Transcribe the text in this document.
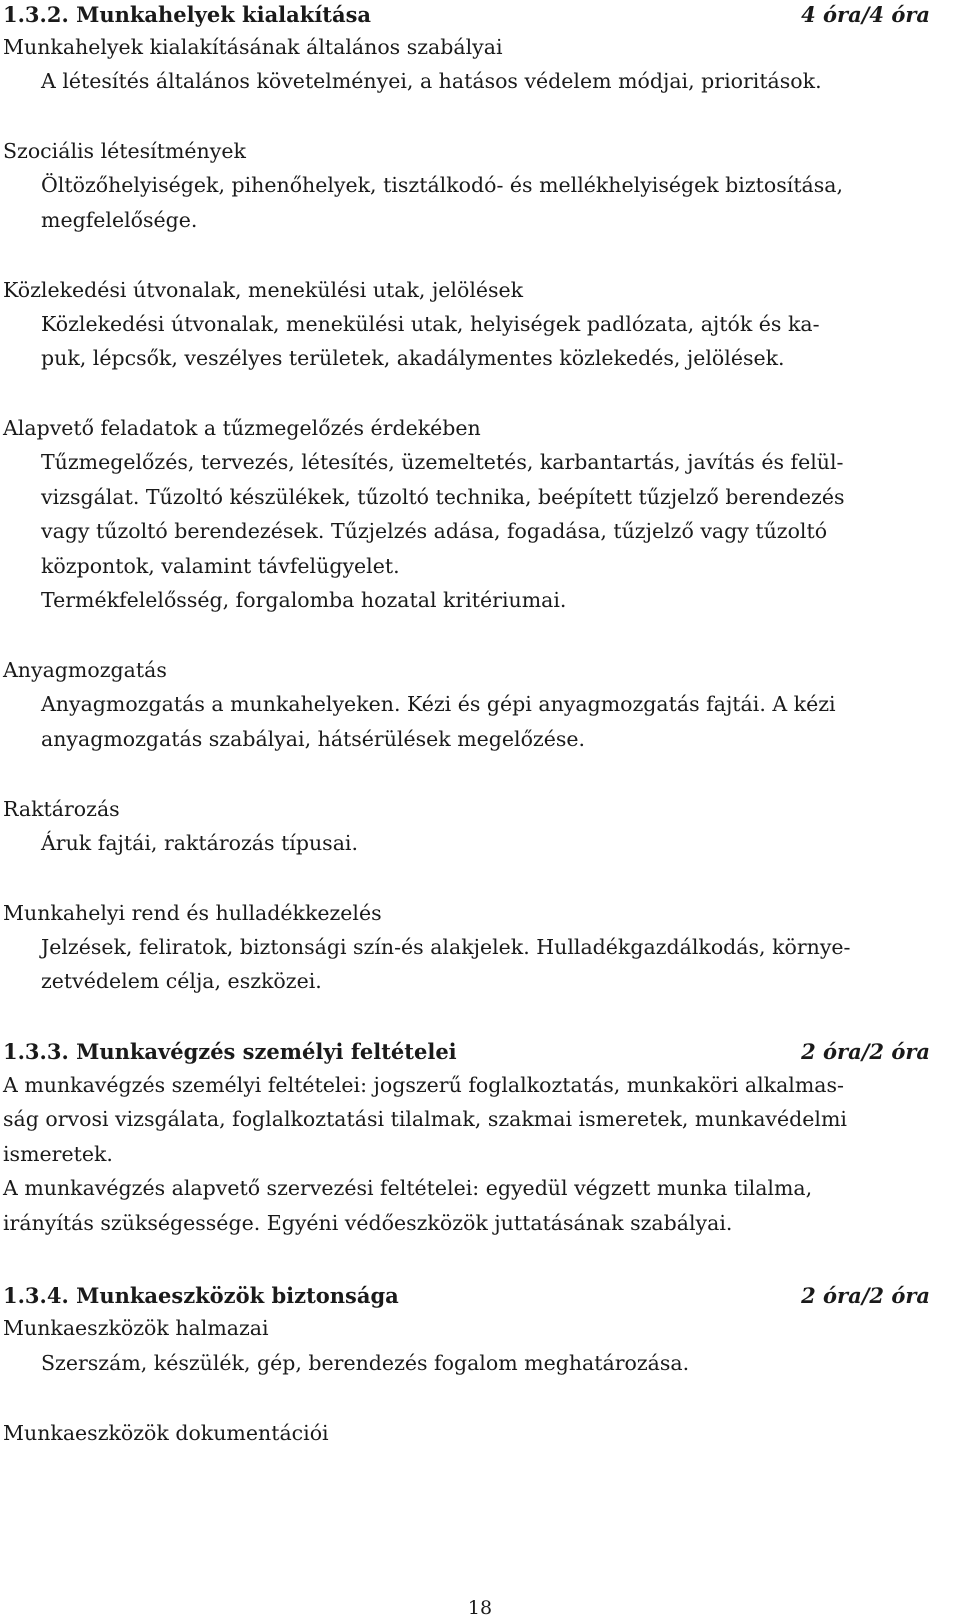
1.3.2. Munkahelyek kialakítása	4 óra/4 óra
Munkahelyek kialakításának általános szabályai
A létesítés általános követelményei, a hatásos védelem módjai, prioritások.
Szociális létesítmények
Öltözőhelyiségek, pihenőhelyek, tisztálkodó- és mellékhelyiségek biztosítása,
megfelelősége.
Közlekedési útvonalak, menekülési utak, jelölések
Közlekedési útvonalak, menekülési utak, helyiségek padlózata, ajtók és ka-
puk, lépcsők, veszélyes területek, akadálymentes közlekedés, jelölések.
Alapvető feladatok a tűzmegelőzés érdekében
Tűzmegelőzés, tervezés, létesítés, üzemeltetés, karbantartás, javítás és felül-
vizsgálat. Tűzoltó készülékek, tűzoltó technika, beépített tűzjelző berendezés
vagy tűzoltó berendezések. Tűzjelzés adása, fogadása, tűzjelző vagy tűzoltó
központok, valamint távfelügyelet.
Termékfelelősség, forgalomba hozatal kritériumai.
Anyagmozgatás
Anyagmozgatás a munkahelyeken. Kézi és gépi anyagmozgatás fajtái. A kézi
anyagmozgatás szabályai, hátsérülések megelőzése.
Raktározás
Áruk fajtái, raktározás típusai.
Munkahelyi rend és hulladékkezelés
Jelzések, feliratok, biztonsági szín-és alakjelek. Hulladékgazdálkodás, környe-
zetvédelem célja, eszközei.
1.3.3. Munkavégzés személyi feltételei	2 óra/2 óra
A munkavégzés személyi feltételei: jogszerű foglalkoztatás, munkaköri alkalmas-
ság orvosi vizsgálata, foglalkoztatási tilalmak, szakmai ismeretek, munkavédelmi
ismeretek.
A munkavégzés alapvető szervezési feltételei: egyedül végzett munka tilalma,
irányítás szükségessége. Egyéni védőeszközök juttatásának szabályai.
1.3.4. Munkaeszközök biztonsága	2 óra/2 óra
Munkaeszközök halmazai
Szerszám, készülék, gép, berendezés fogalom meghatározása.
Munkaeszközök dokumentációi
18
